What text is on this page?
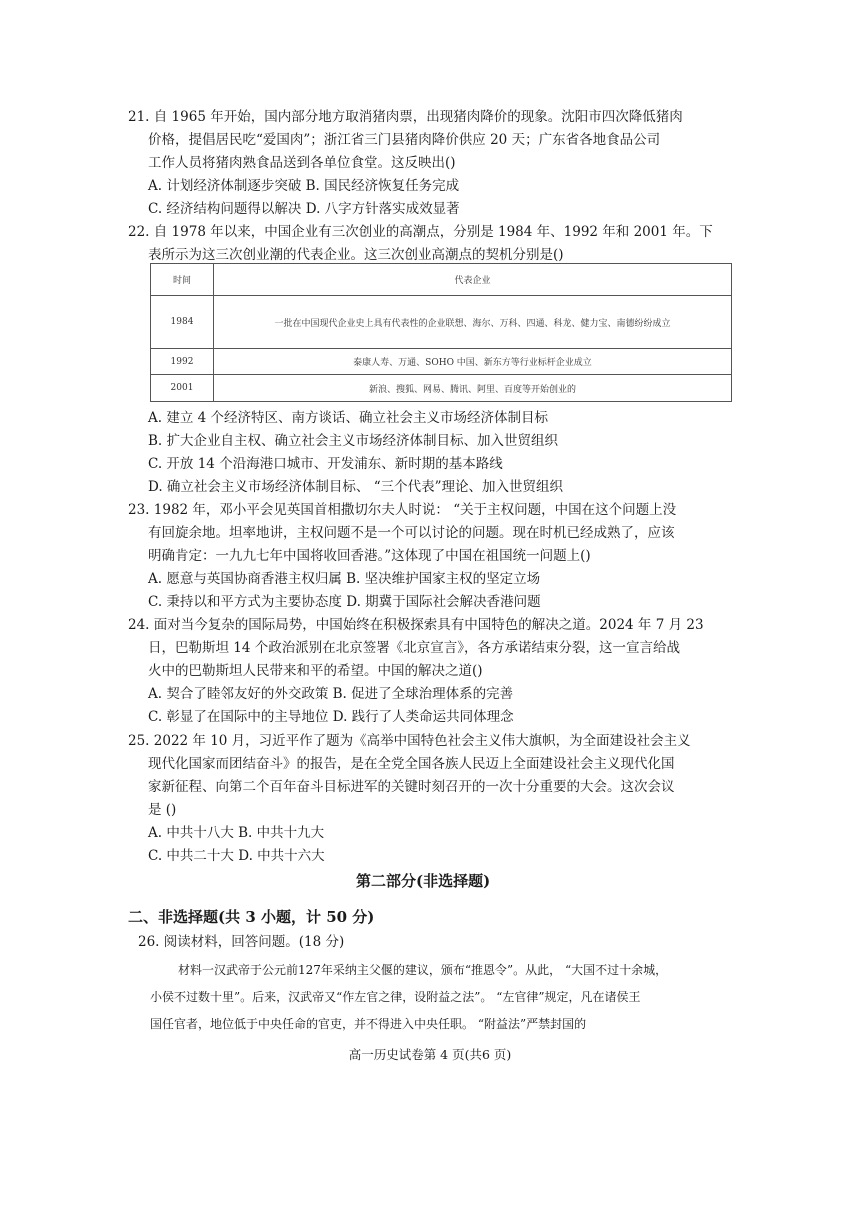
21. 自 1965 年开始，国内部分地方取消猪肉票，出现猪肉降价的现象。沈阳市四次降低猪肉
价格，提倡居民吃“爱国肉”；浙江省三门县猪肉降价供应 20 天；广东省各地食品公司
工作人员将猪肉熟食品送到各单位食堂。这反映出()
A. 计划经济体制逐步突破 B. 国民经济恢复任务完成
C. 经济结构问题得以解决 D. 八字方针落实成效显著
22. 自 1978 年以来，中国企业有三次创业的高潮点，分别是 1984 年、1992 年和 2001 年。下
表所示为这三次创业潮的代表企业。这三次创业高潮点的契机分别是()
时间	代表企业
1984	一批在中国现代企业史上具有代表性的企业联想、海尔、万科、四通、科龙、健力宝、南德纷纷成立
1992	泰康人寿、万通、SOHO 中国、新东方等行业标杆企业成立
2001	新浪、搜狐、网易、腾讯、阿里、百度等开始创业的
A. 建立 4 个经济特区、南方谈话、确立社会主义市场经济体制目标
B. 扩大企业自主权、确立社会主义市场经济体制目标、加入世贸组织
C. 开放 14 个沿海港口城市、开发浦东、新时期的基本路线
D. 确立社会主义市场经济体制目标、 “三个代表”理论、加入世贸组织
23. 1982 年，邓小平会见英国首相撒切尔夫人时说： “关于主权问题，中国在这个问题上没
有回旋余地。坦率地讲，主权问题不是一个可以讨论的问题。现在时机已经成熟了，应该
明确肯定：一九九七年中国将收回香港。”这体现了中国在祖国统一问题上()
A. 愿意与英国协商香港主权归属 B. 坚决维护国家主权的坚定立场
C. 秉持以和平方式为主要协态度 D. 期冀于国际社会解决香港问题
24. 面对当今复杂的国际局势，中国始终在积极探索具有中国特色的解决之道。2024 年 7 月 23
日，巴勒斯坦 14 个政治派别在北京签署《北京宣言》，各方承诺结束分裂，这一宣言给战
火中的巴勒斯坦人民带来和平的希望。中国的解决之道()
A. 契合了睦邻友好的外交政策 B. 促进了全球治理体系的完善
C. 彰显了在国际中的主导地位 D. 践行了人类命运共同体理念
25. 2022 年 10 月，习近平作了题为《高举中国特色社会主义伟大旗帜，为全面建设社会主义
现代化国家而团结奋斗》的报告，是在全党全国各族人民迈上全面建设社会主义现代化国
家新征程、向第二个百年奋斗目标进军的关键时刻召开的一次十分重要的大会。这次会议
是 ()
A. 中共十八大 B. 中共十九大
C. 中共二十大 D. 中共十六大
第二部分(非选择题)
二、非选择题(共 3 小题，计 50 分)
26. 阅读材料，回答问题。(18 分)
材料一汉武帝于公元前127年采纳主父偃的建议，颁布“推恩令”。从此， “大国不过十余城，
小侯不过数十里”。后来，汉武帝又“作左官之律，设附益之法”。 “左官律”规定，凡在诸侯王
国任官者，地位低于中央任命的官吏，并不得进入中央任职。 “附益法”严禁封国的
高一历史试卷第 4 页(共6 页)
